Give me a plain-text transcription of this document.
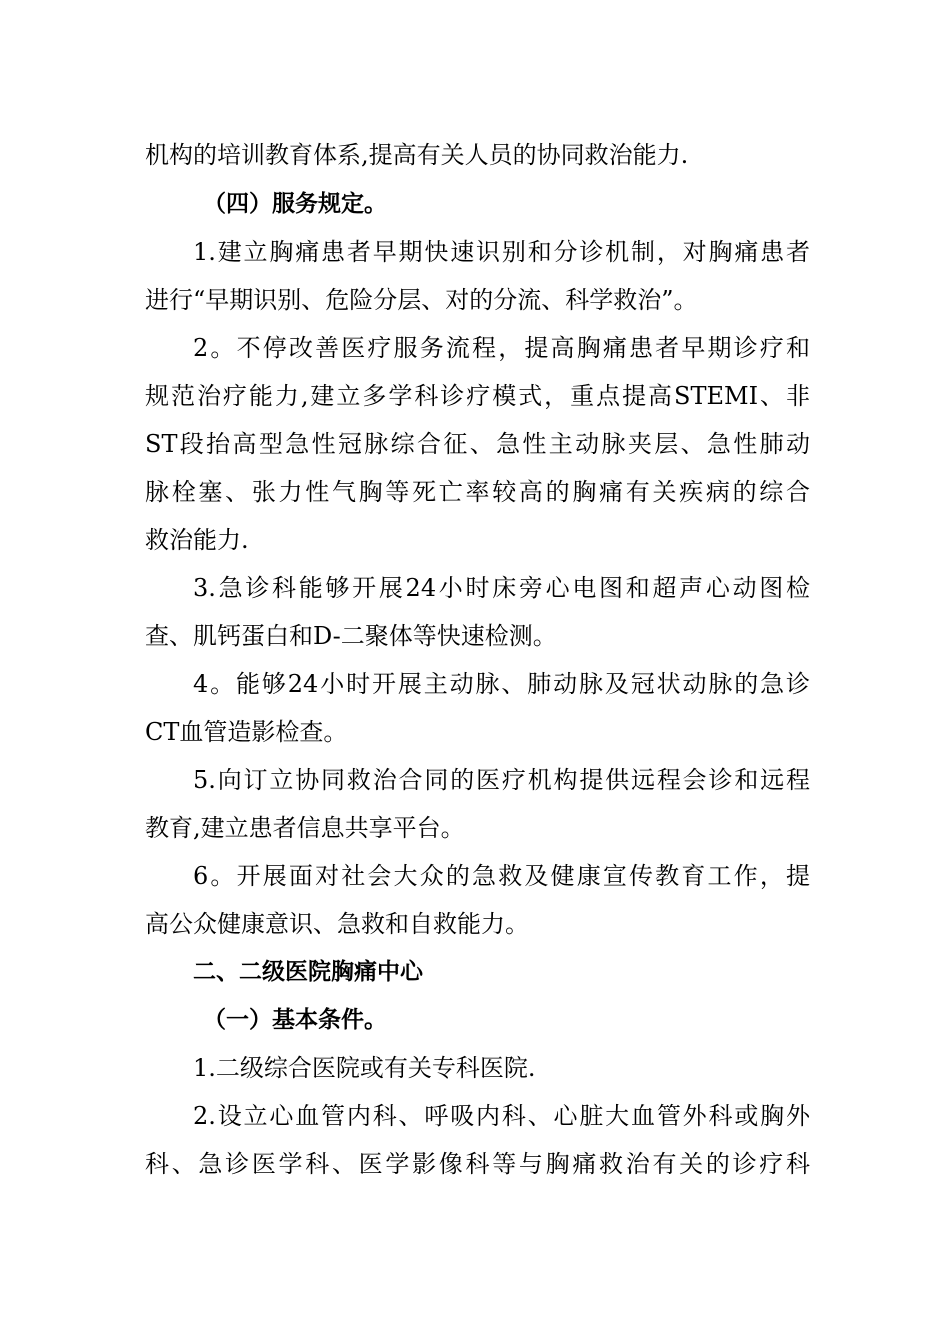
机构的培训教育体系,提高有关人员的协同救治能力.
（四）服务规定。
1.建立胸痛患者早期快速识别和分诊机制，对胸痛患者
进行“早期识别、危险分层、对的分流、科学救治”。
2。不停改善医疗服务流程，提高胸痛患者早期诊疗和
规范治疗能力,建立多学科诊疗模式，重点提高STEMI、非
ST段抬高型急性冠脉综合征、急性主动脉夹层、急性肺动
脉栓塞、张力性气胸等死亡率较高的胸痛有关疾病的综合
救治能力.
3.急诊科能够开展24小时床旁心电图和超声心动图检
查、肌钙蛋白和D-二聚体等快速检测。
4。能够24小时开展主动脉、肺动脉及冠状动脉的急诊
CT血管造影检查。
5.向订立协同救治合同的医疗机构提供远程会诊和远程
教育,建立患者信息共享平台。
6。开展面对社会大众的急救及健康宣传教育工作，提
高公众健康意识、急救和自救能力。
二、二级医院胸痛中心
（一）基本条件。
1.二级综合医院或有关专科医院.
2.设立心血管内科、呼吸内科、心脏大血管外科或胸外
科、急诊医学科、医学影像科等与胸痛救治有关的诊疗科
